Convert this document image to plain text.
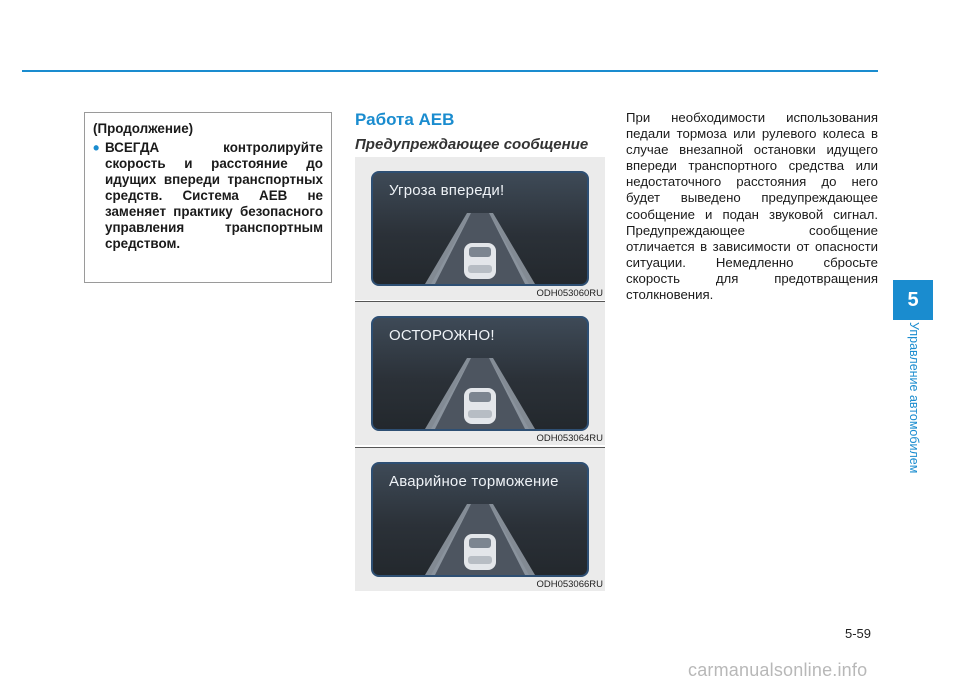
(Продолжение)
• ВСЕГДА контролируйте скорость и расстояние до идущих впереди транспортных средств. Система AEB не заменяет практику безопасного управления транспортным средством.
Работа AEB
Предупреждающее сообщение
Угроза впереди!
ODH053060RU
ОСТОРОЖНО!
ODH053064RU
Аварийное торможение
ODH053066RU
При необходимости использования педали тормоза или рулевого колеса в случае внезапной остановки идущего впереди транспортного средства или недостаточного расстояния до него будет выведено предупреждающее сообщение и подан звуковой сигнал. Предупреждающее сообщение отличается в зависимости от опасности ситуации. Немедленно сбросьте скорость для предотвращения столкновения.	5
Управление автомобилем
5-59
carmanualsonline.info
